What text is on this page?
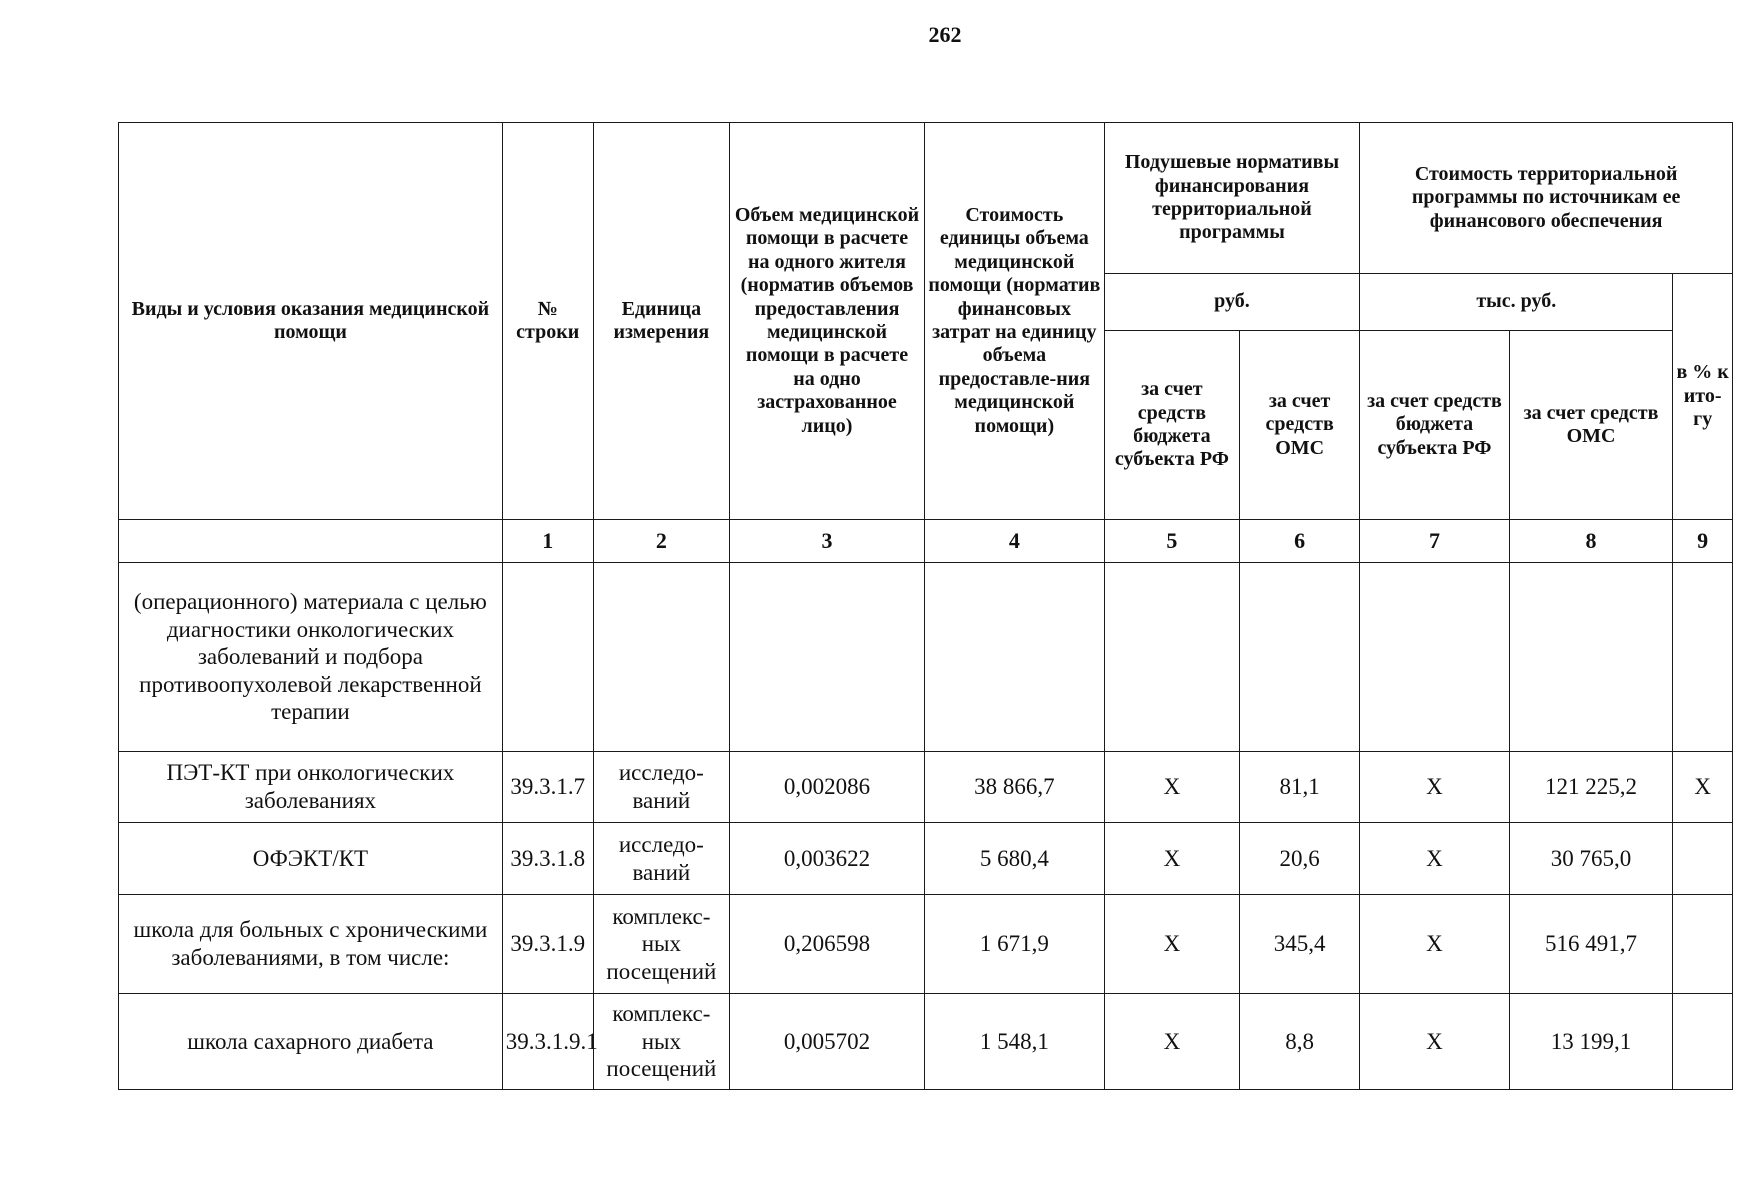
262
Виды и условия оказания медицинской помощи	№ строки	Единица измерения	Объем медицинской помощи в расчете на одного жителя (норматив объемов предоставления медицинской помощи в расчете на одно застрахованное лицо)	Стоимость единицы объема медицинской помощи (норматив финансовых затрат на единицу объема предоставле-ния медицинской помощи)	Подушевые нормативы финансирования территориальной программы		Стоимость территориальной программы по источникам ее финансового обеспечения		
					руб.		тыс. руб.		в % к ито-гу
					за счет средств бюджета субъекта РФ	за счет средств ОМС	за счет средств бюджета субъекта РФ	за счет средств ОМС	
	1	2	3	4	5	6	7	8	9
(операционного) материала с целью диагностики онкологических заболеваний и подбора противоопухолевой лекарственной терапии									
ПЭТ-КТ при онкологических заболеваниях	39.3.1.7	исследо-ваний	0,002086	38 866,7	X	81,1	X	121 225,2	X
ОФЭКТ/КТ	39.3.1.8	исследо-ваний	0,003622	5 680,4	X	20,6	X	30 765,0	
школа для больных с хроническими заболеваниями, в том числе:	39.3.1.9	комплекс-ных посещений	0,206598	1 671,9	X	345,4	X	516 491,7	
школа сахарного диабета	39.3.1.9.1	комплекс-ных посещений	0,005702	1 548,1	X	8,8	X	13 199,1	
